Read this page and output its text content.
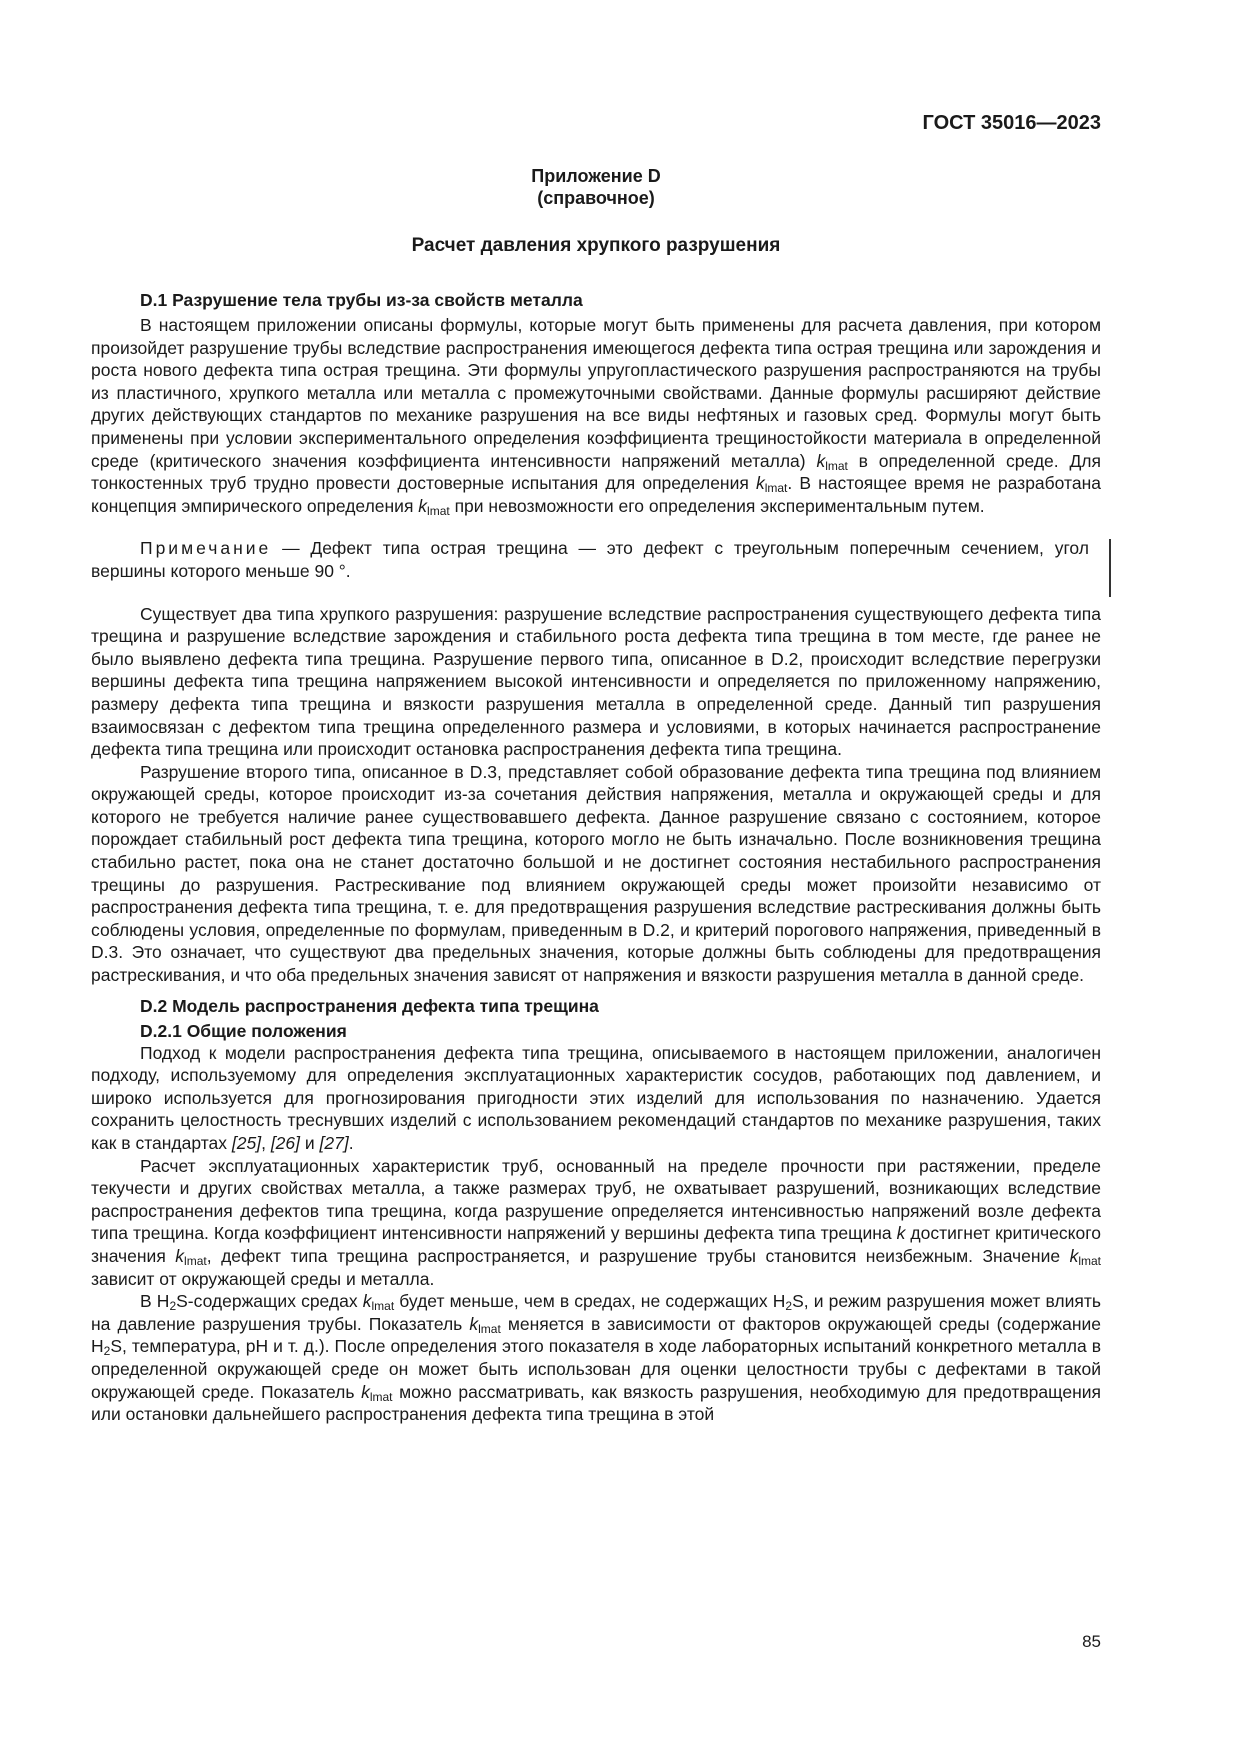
ГОСТ 35016—2023
Приложение D
(справочное)
Расчет давления хрупкого разрушения
D.1 Разрушение тела трубы из-за свойств металла

В настоящем приложении описаны формулы, которые могут быть применены для расчета давления, при котором произойдет разрушение трубы вследствие распространения имеющегося дефекта типа острая трещина или зарождения и роста нового дефекта типа острая трещина. Эти формулы упругопластического разрушения распространяются на трубы из пластичного, хрупкого металла или металла с промежуточными свойствами. Данные формулы расширяют действие других действующих стандартов по механике разрушения на все виды нефтяных и газовых сред. Формулы могут быть применены при условии экспериментального определения коэффициента трещиностойкости материала в определенной среде (критического значения коэффициента интенсивности напряжений металла) $k_{lmat}$ в определенной среде. Для тонкостенных труб трудно провести достоверные испытания для определения $k_{lmat}$. В настоящее время не разработана концепция эмпирического определения $k_{lmat}$ при невозможности его определения экспериментальным путем.

Примечание — Дефект типа острая трещина — это дефект с треугольным поперечным сечением, угол вершины которого меньше 90 °.

Существует два типа хрупкого разрушения: разрушение вследствие распространения существующего дефекта типа трещина и разрушение вследствие зарождения и стабильного роста дефекта типа трещина в том месте, где ранее не было выявлено дефекта типа трещина. Разрушение первого типа, описанное в D.2, происходит вследствие перегрузки вершины дефекта типа трещина напряжением высокой интенсивности и определяется по приложенному напряжению, размеру дефекта типа трещина и вязкости разрушения металла в определенной среде. Данный тип разрушения взаимосвязан с дефектом типа трещина определенного размера и условиями, в которых начинается распространение дефекта типа трещина или происходит остановка распространения дефекта типа трещина.

Разрушение второго типа, описанное в D.3, представляет собой образование дефекта типа трещина под влиянием окружающей среды, которое происходит из-за сочетания действия напряжения, металла и окружающей среды и для которого не требуется наличие ранее существовавшего дефекта. Данное разрушение связано с состоянием, которое порождает стабильный рост дефекта типа трещина, которого могло не быть изначально. После возникновения трещина стабильно растет, пока она не станет достаточно большой и не достигнет состояния нестабильного распространения трещины до разрушения. Растрескивание под влиянием окружающей среды может произойти независимо от распространения дефекта типа трещина, т. е. для предотвращения разрушения вследствие растрескивания должны быть соблюдены условия, определенные по формулам, приведенным в D.2, и критерий порогового напряжения, приведенный в D.3. Это означает, что существуют два предельных значения, которые должны быть соблюдены для предотвращения растрескивания, и что оба предельных значения зависят от напряжения и вязкости разрушения металла в данной среде.

D.2 Модель распространения дефекта типа трещина
D.2.1 Общие положения

Подход к модели распространения дефекта типа трещина, описываемого в настоящем приложении, аналогичен подходу, используемому для определения эксплуатационных характеристик сосудов, работающих под давлением, и широко используется для прогнозирования пригодности этих изделий для использования по назначению. Удается сохранить целостность треснувших изделий с использованием рекомендаций стандартов по механике разрушения, таких как в стандартах [25], [26] и [27].

Расчет эксплуатационных характеристик труб, основанный на пределе прочности при растяжении, пределе текучести и других свойствах металла, а также размерах труб, не охватывает разрушений, возникающих вследствие распространения дефектов типа трещина, когда разрушение определяется интенсивностью напряжений возле дефекта типа трещина. Когда коэффициент интенсивности напряжений у вершины дефекта типа трещина k достигнет критического значения $k_{lmat}$, дефект типа трещина распространяется, и разрушение трубы становится неизбежным. Значение $k_{lmat}$ зависит от окружающей среды и металла.

В $H_2S$-содержащих средах $k_{lmat}$ будет меньше, чем в средах, не содержащих $H_2S$, и режим разрушения может влиять на давление разрушения трубы. Показатель $k_{lmat}$ меняется в зависимости от факторов окружающей среды (содержание $H_2S$, температура, pH и т. д.). После определения этого показателя в ходе лабораторных испытаний конкретного металла в определенной окружающей среде он может быть использован для оценки целостности трубы с дефектами в такой окружающей среде. Показатель $k_{lmat}$ можно рассматривать, как вязкость разрушения, необходимую для предотвращения или остановки дальнейшего распространения дефекта типа трещина в этой

85
